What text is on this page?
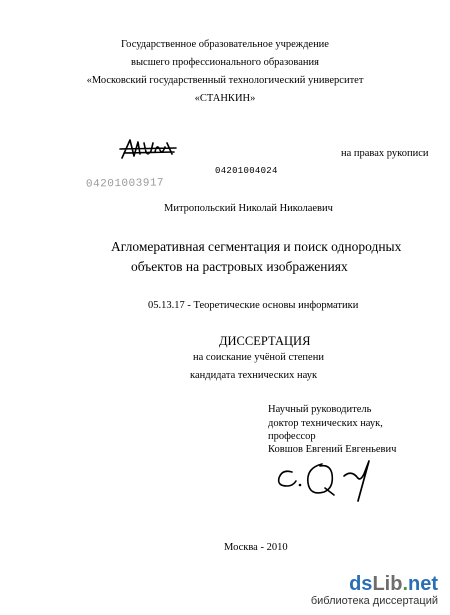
Государственное образовательное учреждение
высшего профессионального образования
«Московский государственный технологический университет
«СТАНКИН»
на правах рукописи
04201004024
04201003917
Митропольский Николай Николаевич
Агломеративная сегментация и поиск однородных
объектов на растровых изображениях
05.13.17 - Теоретические основы информатики
ДИССЕРТАЦИЯ
на соискание учёной степени
кандидата технических наук
Научный руководитель
доктор технических наук,
профессор
Ковшов Евгений Евгеньевич
Москва - 2010
dsLib.net
библиотека диссертаций
